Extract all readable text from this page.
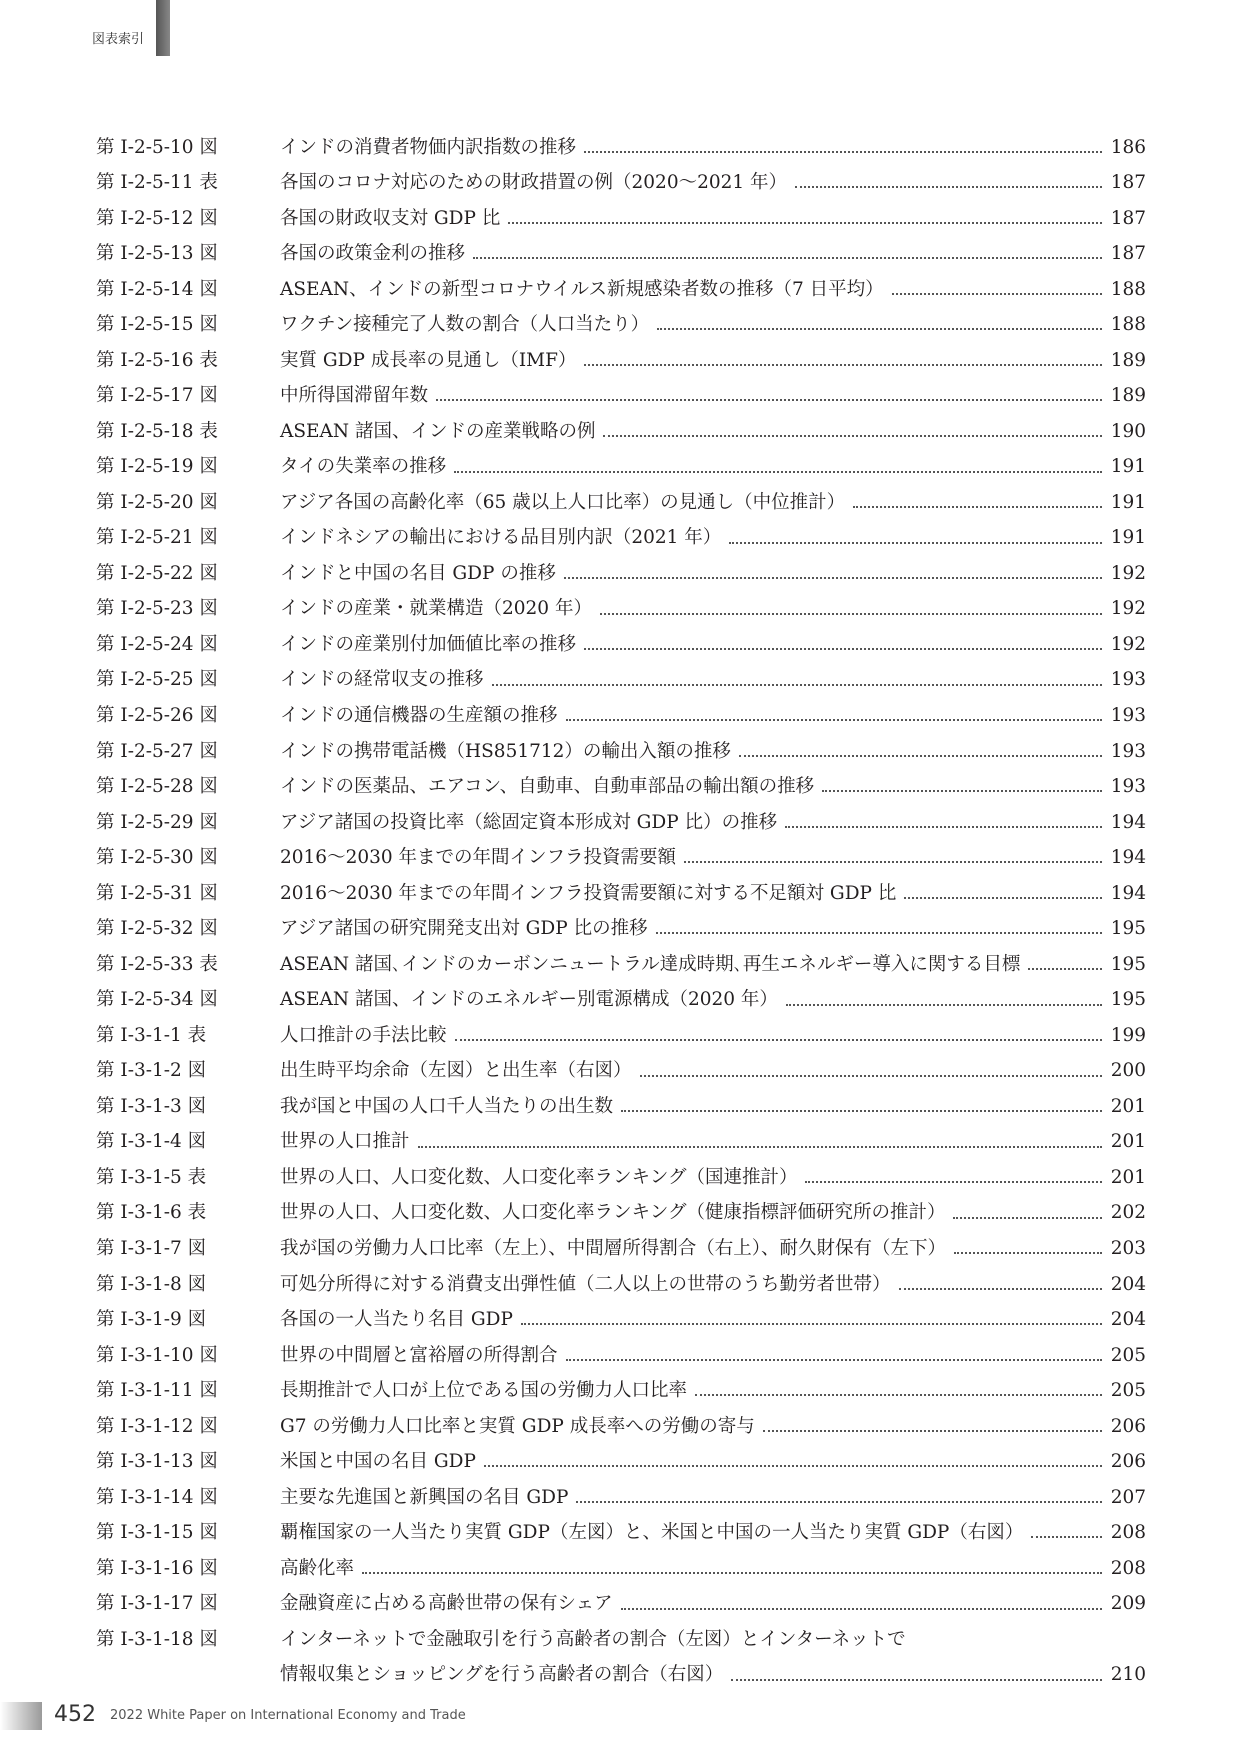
図表索引
第 I-2-5-10 図	インドの消費者物価内訳指数の推移	186
第 I-2-5-11 表	各国のコロナ対応のための財政措置の例（2020〜2021 年）	187
第 I-2-5-12 図	各国の財政収支対 GDP 比	187
第 I-2-5-13 図	各国の政策金利の推移	187
第 I-2-5-14 図	ASEAN、インドの新型コロナウイルス新規感染者数の推移（7 日平均）	188
第 I-2-5-15 図	ワクチン接種完了人数の割合（人口当たり）	188
第 I-2-5-16 表	実質 GDP 成長率の見通し（IMF）	189
第 I-2-5-17 図	中所得国滞留年数	189
第 I-2-5-18 表	ASEAN 諸国、インドの産業戦略の例	190
第 I-2-5-19 図	タイの失業率の推移	191
第 I-2-5-20 図	アジア各国の高齢化率（65 歳以上人口比率）の見通し（中位推計）	191
第 I-2-5-21 図	インドネシアの輸出における品目別内訳（2021 年）	191
第 I-2-5-22 図	インドと中国の名目 GDP の推移	192
第 I-2-5-23 図	インドの産業・就業構造（2020 年）	192
第 I-2-5-24 図	インドの産業別付加価値比率の推移	192
第 I-2-5-25 図	インドの経常収支の推移	193
第 I-2-5-26 図	インドの通信機器の生産額の推移	193
第 I-2-5-27 図	インドの携帯電話機（HS851712）の輸出入額の推移	193
第 I-2-5-28 図	インドの医薬品、エアコン、自動車、自動車部品の輸出額の推移	193
第 I-2-5-29 図	アジア諸国の投資比率（総固定資本形成対 GDP 比）の推移	194
第 I-2-5-30 図	2016〜2030 年までの年間インフラ投資需要額	194
第 I-2-5-31 図	2016〜2030 年までの年間インフラ投資需要額に対する不足額対 GDP 比	194
第 I-2-5-32 図	アジア諸国の研究開発支出対 GDP 比の推移	195
第 I-2-5-33 表	ASEAN 諸国､インドのカーボンニュートラル達成時期､再生エネルギー導入に関する目標	195
第 I-2-5-34 図	ASEAN 諸国、インドのエネルギー別電源構成（2020 年）	195
第 I-3-1-1 表	人口推計の手法比較	199
第 I-3-1-2 図	出生時平均余命（左図）と出生率（右図）	200
第 I-3-1-3 図	我が国と中国の人口千人当たりの出生数	201
第 I-3-1-4 図	世界の人口推計	201
第 I-3-1-5 表	世界の人口、人口変化数、人口変化率ランキング（国連推計）	201
第 I-3-1-6 表	世界の人口、人口変化数、人口変化率ランキング（健康指標評価研究所の推計）	202
第 I-3-1-7 図	我が国の労働力人口比率（左上）、中間層所得割合（右上）、耐久財保有（左下）	203
第 I-3-1-8 図	可処分所得に対する消費支出弾性値（二人以上の世帯のうち勤労者世帯）	204
第 I-3-1-9 図	各国の一人当たり名目 GDP	204
第 I-3-1-10 図	世界の中間層と富裕層の所得割合	205
第 I-3-1-11 図	長期推計で人口が上位である国の労働力人口比率	205
第 I-3-1-12 図	G7 の労働力人口比率と実質 GDP 成長率への労働の寄与	206
第 I-3-1-13 図	米国と中国の名目 GDP	206
第 I-3-1-14 図	主要な先進国と新興国の名目 GDP	207
第 I-3-1-15 図	覇権国家の一人当たり実質 GDP（左図）と、米国と中国の一人当たり実質 GDP（右図）	208
第 I-3-1-16 図	高齢化率	208
第 I-3-1-17 図	金融資産に占める高齢世帯の保有シェア	209
第 I-3-1-18 図	インターネットで金融取引を行う高齢者の割合（左図）とインターネットで
情報収集とショッピングを行う高齢者の割合（右図）	210
452 2022 White Paper on International Economy and Trade
